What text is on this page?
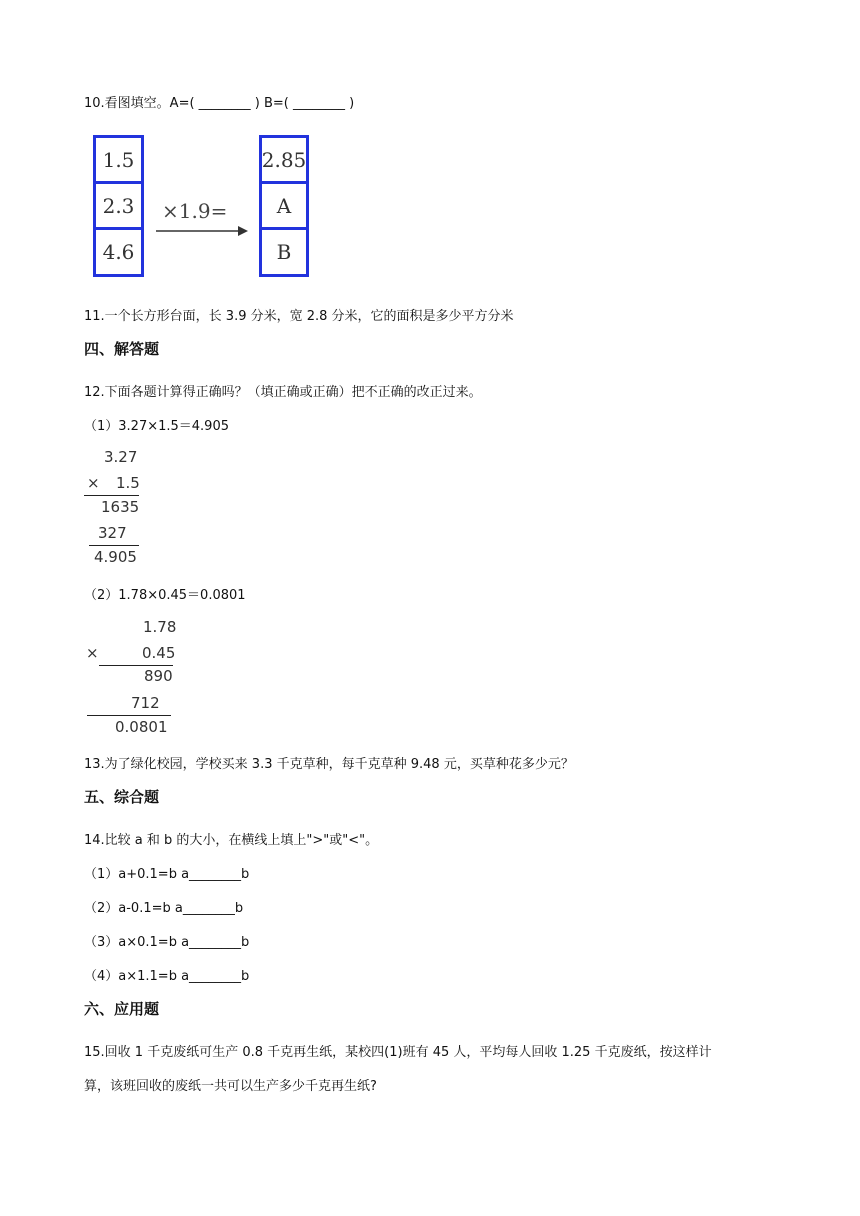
10.看图填空。A=( ________ ) B=( ________ )
1.5
2.3
4.6
×1.9=
2.85
A
B
11.一个长方形台面，长 3.9 分米，宽 2.8 分米，它的面积是多少平方分米
四、解答题
12.下面各题计算得正确吗？（填正确或正确）把不正确的改正过来。
（1）3.27×1.5＝4.905
3.27
× 1.5
1635
327
4.905
（2）1.78×0.45＝0.0801
1.78
×	0.45
890
712
0.0801
13.为了绿化校园，学校买来 3.3 千克草种，每千克草种 9.48 元，买草种花多少元？
五、综合题
14.比较 a 和 b 的大小，在横线上填上">"或"<"。
（1）a+0.1=b a________b
（2）a-0.1=b a________b
（3）a×0.1=b a________b
（4）a×1.1=b a________b
六、应用题
15.回收 1 千克废纸可生产 0.8 千克再生纸，某校四(1)班有 45 人，平均每人回收 1.25 千克废纸，按这样计
算，该班回收的废纸一共可以生产多少千克再生纸?
